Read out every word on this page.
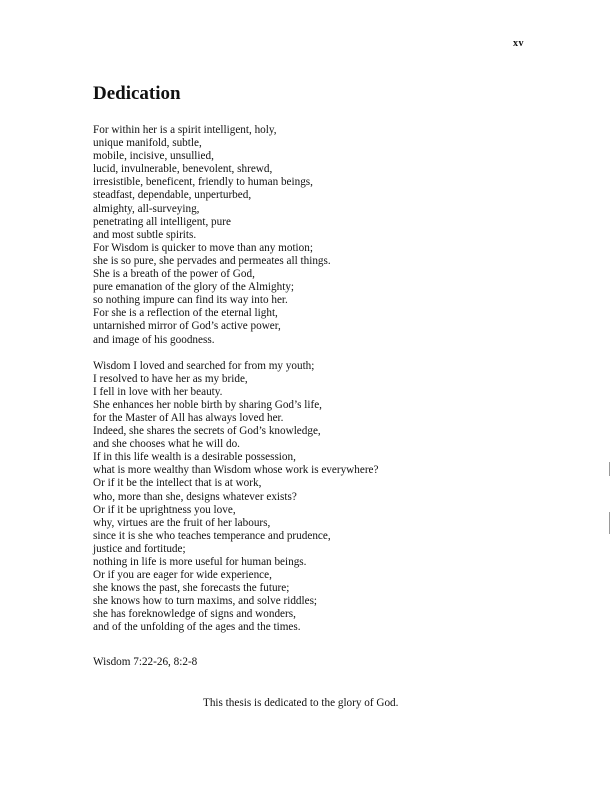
xv
Dedication
For within her is a spirit intelligent, holy,
unique manifold, subtle,
mobile, incisive, unsullied,
lucid, invulnerable, benevolent, shrewd,
irresistible, beneficent, friendly to human beings,
steadfast, dependable, unperturbed,
almighty, all-surveying,
penetrating all intelligent, pure
and most subtle spirits.
For Wisdom is quicker to move than any motion;
she is so pure, she pervades and permeates all things.
She is a breath of the power of God,
pure emanation of the glory of the Almighty;
so nothing impure can find its way into her.
For she is a reflection of the eternal light,
untarnished mirror of God’s active power,
and image of his goodness.
Wisdom I loved and searched for from my youth;
I resolved to have her as my bride,
I fell in love with her beauty.
She enhances her noble birth by sharing God’s life,
for the Master of All has always loved her.
Indeed, she shares the secrets of God’s knowledge,
and she chooses what he will do.
If in this life wealth is a desirable possession,
what is more wealthy than Wisdom whose work is everywhere?
Or if it be the intellect that is at work,
who, more than she, designs whatever exists?
Or if it be uprightness you love,
why, virtues are the fruit of her labours,
since it is she who teaches temperance and prudence,
justice and fortitude;
nothing in life is more useful for human beings.
Or if you are eager for wide experience,
she knows the past, she forecasts the future;
she knows how to turn maxims, and solve riddles;
she has foreknowledge of signs and wonders,
and of the unfolding of the ages and the times.
Wisdom 7:22-26, 8:2-8
This thesis is dedicated to the glory of God.
